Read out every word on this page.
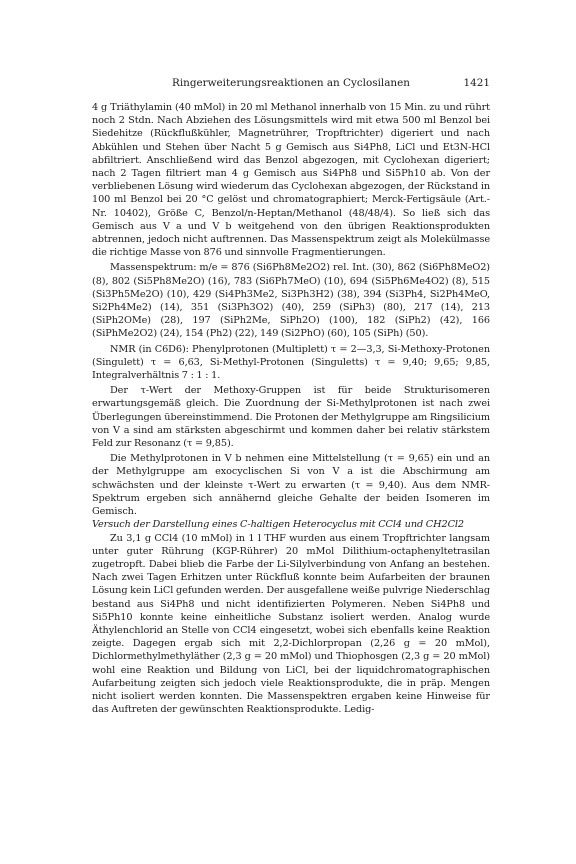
Ringerweiterungsreaktionen an Cyclosilanen	1421

4 g Triäthylamin (40 mMol) in 20 ml Methanol innerhalb von 15 Min. zu und rührt noch 2 Stdn. Nach Abziehen des Lösungsmittels wird mit etwa 500 ml Benzol bei Siedehitze (Rückflußkühler, Magnetrührer, Tropftrichter) digeriert und nach Abkühlen und Stehen über Nacht 5 g Gemisch aus Si4Ph8, LiCl und Et3N-HCl abfiltriert. Anschließend wird das Benzol abgezogen, mit Cyclohexan digeriert; nach 2 Tagen filtriert man 4 g Gemisch aus Si4Ph8 und Si5Ph10 ab. Von der verbliebenen Lösung wird wiederum das Cyclohexan abgezogen, der Rückstand in 100 ml Benzol bei 20 °C gelöst und chromatographiert; Merck-Fertigsäule (Art.-Nr. 10402), Größe C, Benzol/n-Heptan/Methanol (48/48/4). So ließ sich das Gemisch aus V a und V b weitgehend von den übrigen Reaktionsprodukten abtrennen, jedoch nicht auftrennen. Das Massenspektrum zeigt als Molekülmasse die richtige Masse von 876 und sinnvolle Fragmentierungen.

Massenspektrum: m/e = 876 (Si6Ph8Me2O2) rel. Int. (30), 862 (Si6Ph8MeO2) (8), 802 (Si5Ph8Me2O) (16), 783 (Si6Ph7MeO) (10), 694 (Si5Ph6Me4O2) (8), 515 (Si3Ph5Me2O) (10), 429 (Si4Ph3Me2, Si3Ph3H2) (38), 394 (Si3Ph4, Si2Ph4MeO, Si2Ph4Me2) (14), 351 (Si3Ph3O2) (40), 259 (SiPh3) (80), 217 (14), 213 (SiPh2OMe) (28), 197 (SiPh2Me, SiPh2O) (100), 182 (SiPh2) (42), 166 (SiPhMe2O2) (24), 154 (Ph2) (22), 149 (Si2PhO) (60), 105 (SiPh) (50).

NMR (in C6D6): Phenylprotonen (Multiplett) τ = 2—3,3, Si-Methoxy-Protonen (Singulett) τ = 6,63, Si-Methyl-Protonen (Singuletts) τ = 9,40; 9,65; 9,85, Integralverhältnis 7 : 1 : 1.

Der τ-Wert der Methoxy-Gruppen ist für beide Strukturisomeren erwartungsgemäß gleich. Die Zuordnung der Si-Methylprotonen ist nach zwei Überlegungen übereinstimmend. Die Protonen der Methylgruppe am Ringsilicium von V a sind am stärksten abgeschirmt und kommen daher bei relativ stärkstem Feld zur Resonanz (τ = 9,85).

Die Methylprotonen in V b nehmen eine Mittelstellung (τ = 9,65) ein und an der Methylgruppe am exocyclischen Si von V a ist die Abschirmung am schwächsten und der kleinste τ-Wert zu erwarten (τ = 9,40). Aus dem NMR-Spektrum ergeben sich annähernd gleiche Gehalte der beiden Isomeren im Gemisch.

Versuch der Darstellung eines C-haltigen Heterocyclus mit CCl4 und CH2Cl2

Zu 3,1 g CCl4 (10 mMol) in 1 l THF wurden aus einem Tropftrichter langsam unter guter Rührung (KGP-Rührer) 20 mMol Dilithium-octaphenyltetrasilan zugetropft. Dabei blieb die Farbe der Li-Silylverbindung von Anfang an bestehen. Nach zwei Tagen Erhitzen unter Rückfluß konnte beim Aufarbeiten der braunen Lösung kein LiCl gefunden werden. Der ausgefallene weiße pulvrige Niederschlag bestand aus Si4Ph8 und nicht identifizierten Polymeren. Neben Si4Ph8 und Si5Ph10 konnte keine einheitliche Substanz isoliert werden. Analog wurde Äthylenchlorid an Stelle von CCl4 eingesetzt, wobei sich ebenfalls keine Reaktion zeigte. Dagegen ergab sich mit 2,2-Dichlorpropan (2,26 g = 20 mMol), Dichlormethylmethyläther (2,3 g = 20 mMol) und Thiophosgen (2,3 g = 20 mMol) wohl eine Reaktion und Bildung von LiCl, bei der liquidchromatographischen Aufarbeitung zeigten sich jedoch viele Reaktionsprodukte, die in präp. Mengen nicht isoliert werden konnten. Die Massenspektren ergaben keine Hinweise für das Auftreten der gewünschten Reaktionsprodukte. Ledig-
